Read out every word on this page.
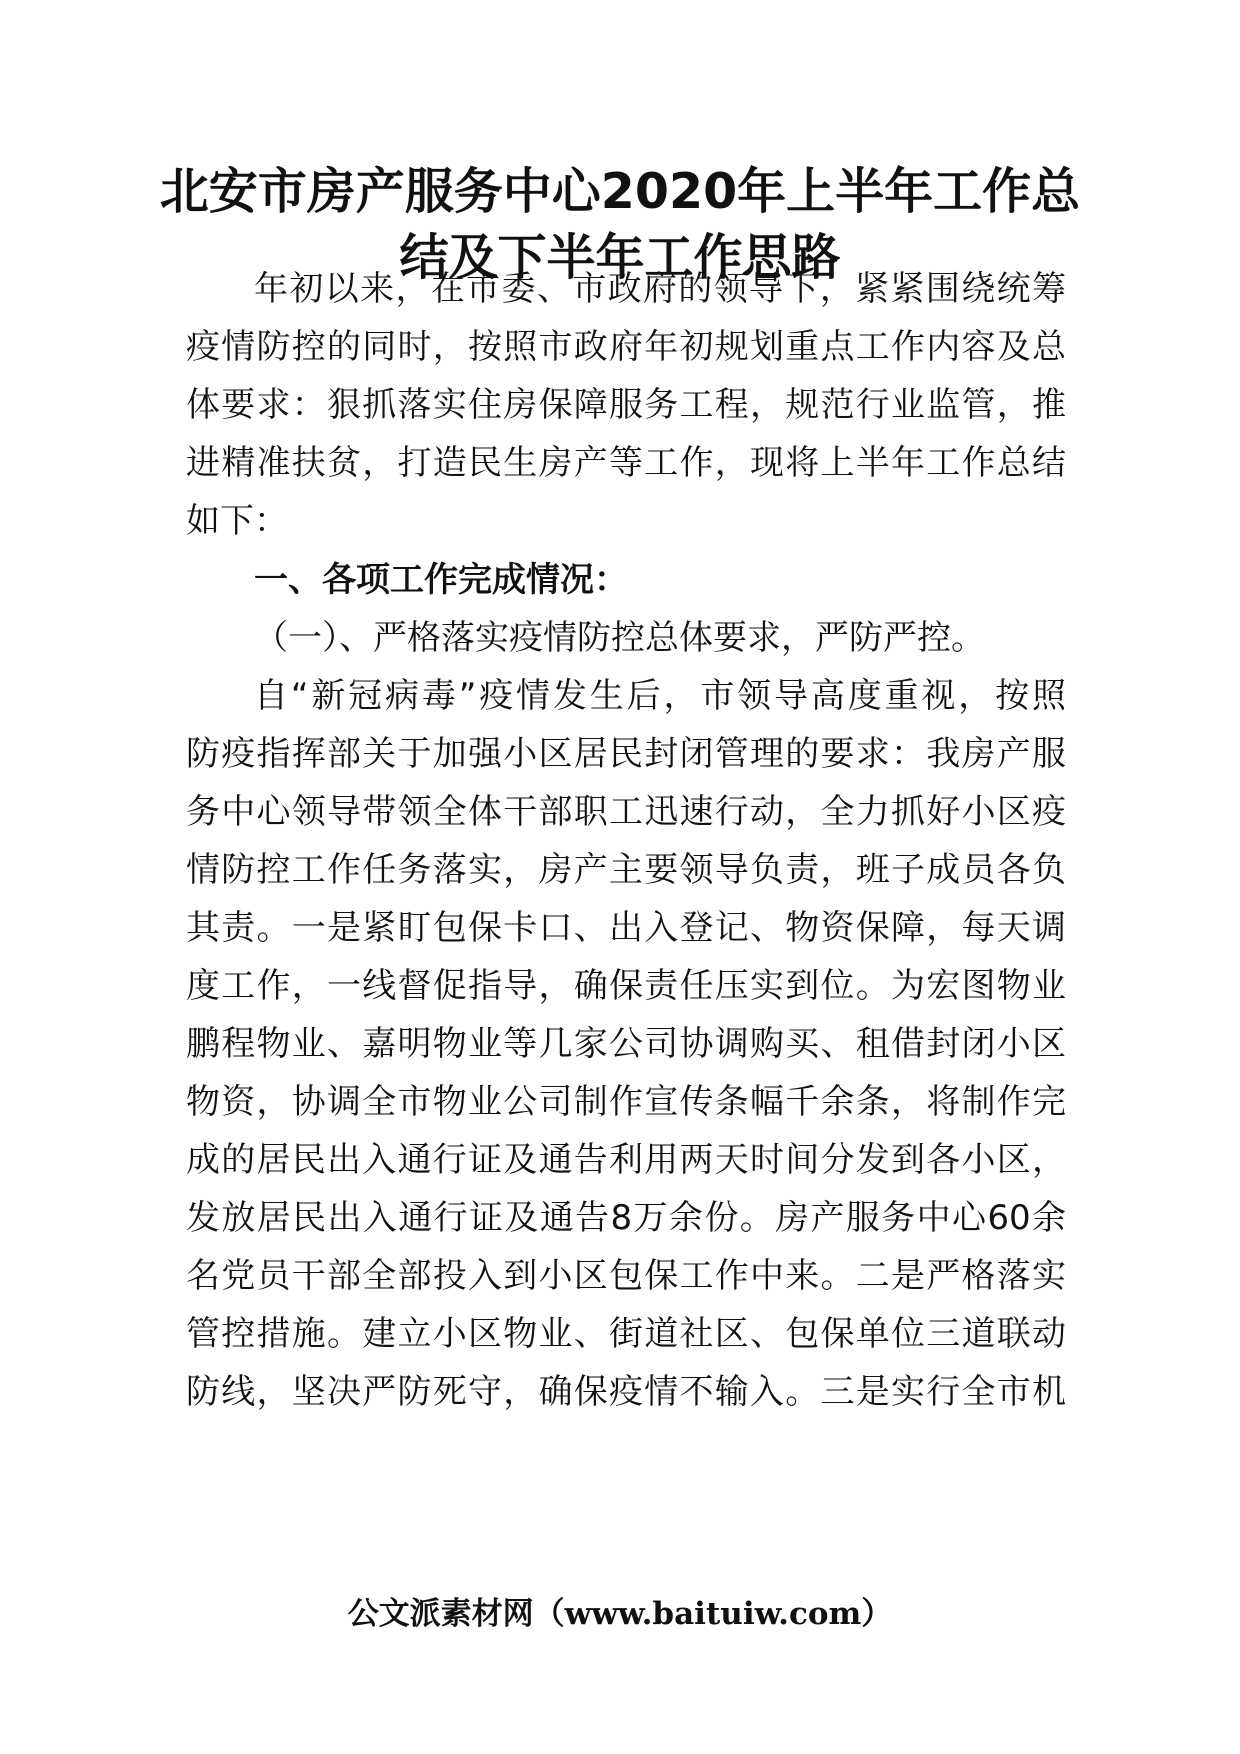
北安市房产服务中心2020年上半年工作总
结及下半年工作思路
年初以来，在市委、市政府的领导下，紧紧围绕统筹
疫情防控的同时，按照市政府年初规划重点工作内容及总
体要求：狠抓落实住房保障服务工程，规范行业监管，推
进精准扶贫，打造民生房产等工作，现将上半年工作总结
如下：
一、各项工作完成情况：
（一）、严格落实疫情防控总体要求，严防严控。
自“新冠病毒”疫情发生后，市领导高度重视，按照
防疫指挥部关于加强小区居民封闭管理的要求：我房产服
务中心领导带领全体干部职工迅速行动，全力抓好小区疫
情防控工作任务落实，房产主要领导负责，班子成员各负
其责。一是紧盯包保卡口、出入登记、物资保障，每天调
度工作，一线督促指导，确保责任压实到位。为宏图物业
鹏程物业、嘉明物业等几家公司协调购买、租借封闭小区
物资，协调全市物业公司制作宣传条幅千余条，将制作完
成的居民出入通行证及通告利用两天时间分发到各小区，
发放居民出入通行证及通告8万余份。房产服务中心60余
名党员干部全部投入到小区包保工作中来。二是严格落实
管控措施。建立小区物业、街道社区、包保单位三道联动
防线，坚决严防死守，确保疫情不输入。三是实行全市机
公文派素材网（www.baituiw.com）
